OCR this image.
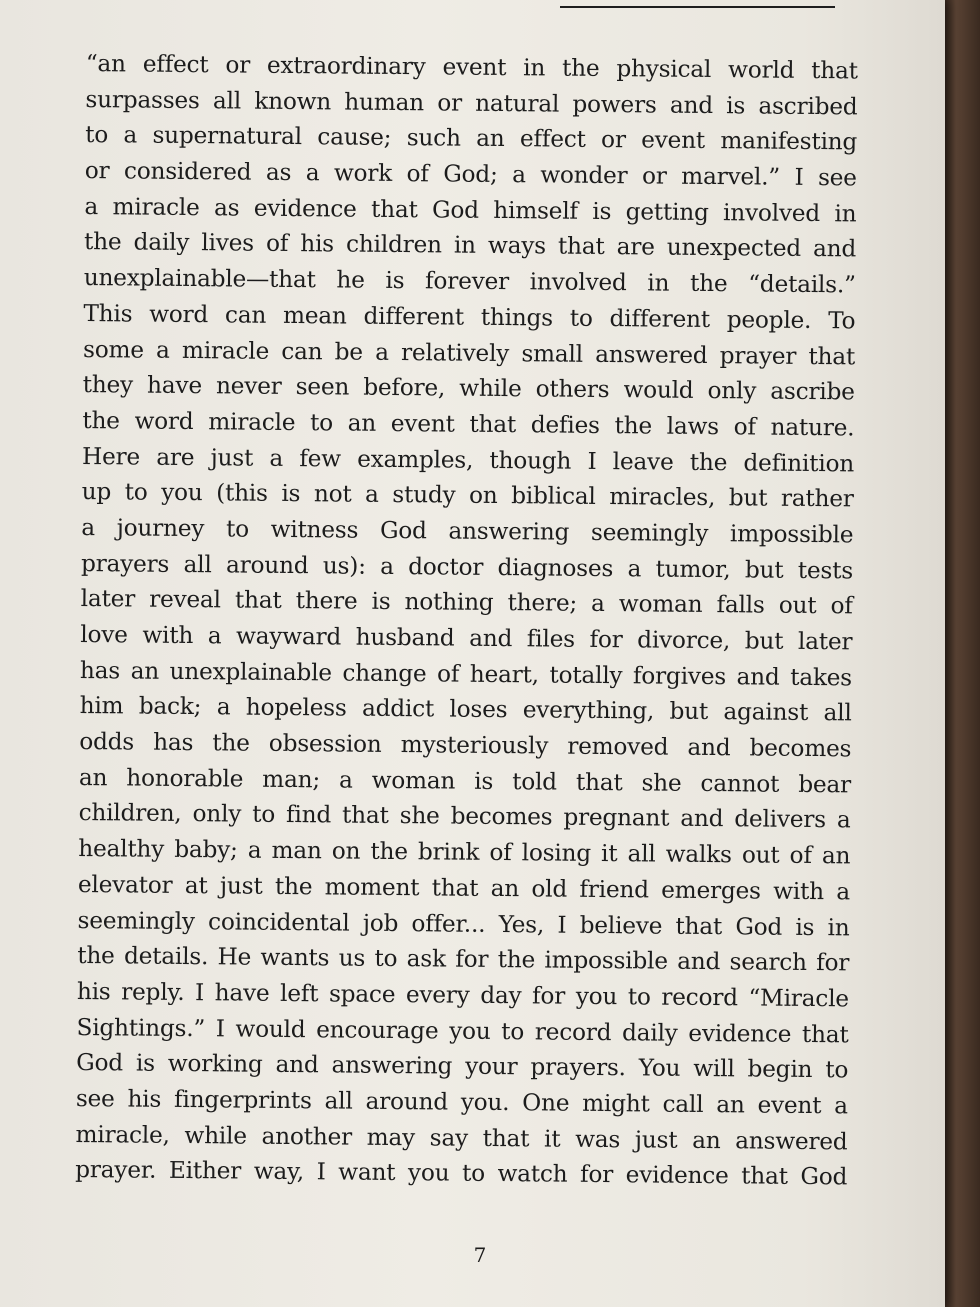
“an effect or extraordinary event in the physical world that
surpasses all known human or natural powers and is ascribed
to a supernatural cause; such an effect or event manifesting
or considered as a work of God; a wonder or marvel.” I see
a miracle as evidence that God himself is getting involved in
the daily lives of his children in ways that are unexpected and
unexplainable—that he is forever involved in the “details.”
This word can mean different things to different people. To
some a miracle can be a relatively small answered prayer that
they have never seen before, while others would only ascribe
the word miracle to an event that defies the laws of nature.
Here are just a few examples, though I leave the definition
up to you (this is not a study on biblical miracles, but rather
a journey to witness God answering seemingly impossible
prayers all around us): a doctor diagnoses a tumor, but tests
later reveal that there is nothing there; a woman falls out of
love with a wayward husband and files for divorce, but later
has an unexplainable change of heart, totally forgives and takes
him back; a hopeless addict loses everything, but against all
odds has the obsession mysteriously removed and becomes
an honorable man; a woman is told that she cannot bear
children, only to find that she becomes pregnant and delivers a
healthy baby; a man on the brink of losing it all walks out of an
elevator at just the moment that an old friend emerges with a
seemingly coincidental job offer... Yes, I believe that God is in
the details. He wants us to ask for the impossible and search for
his reply. I have left space every day for you to record “Miracle
Sightings.” I would encourage you to record daily evidence that
God is working and answering your prayers. You will begin to
see his fingerprints all around you. One might call an event a
miracle, while another may say that it was just an answered
prayer. Either way, I want you to watch for evidence that God
7
